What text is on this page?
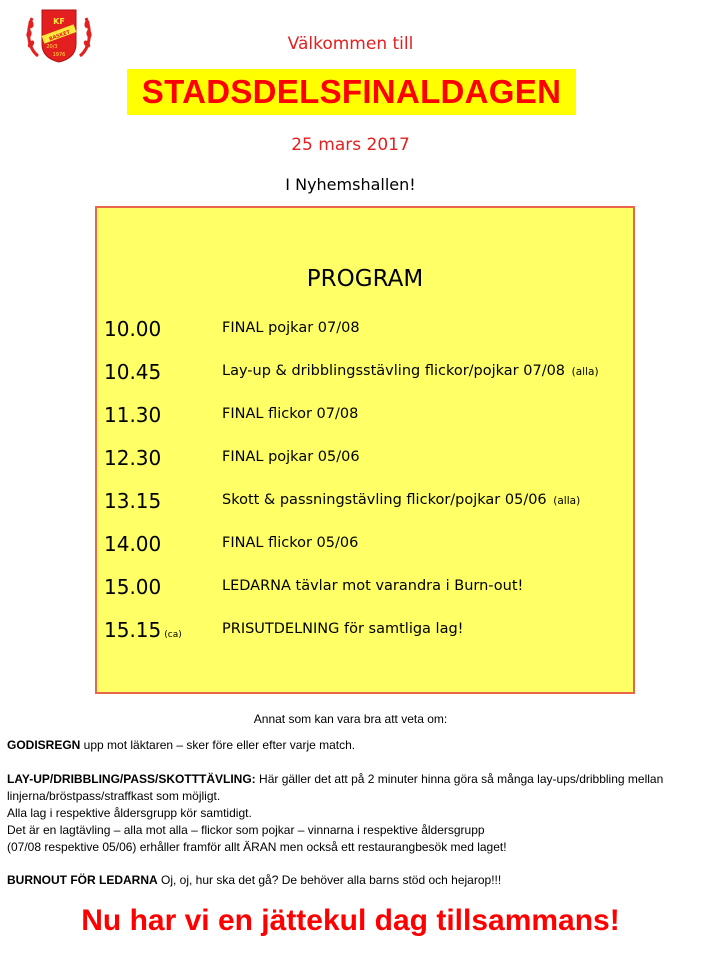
KF
BASKET
20/3
1976
Välkommen till
STADSDELSFINALDAGEN
25 mars 2017
I Nyhemshallen!
PROGRAM
10.00	FINAL pojkar 07/08
10.45	Lay-up & dribblingsstävling flickor/pojkar 07/08 (alla)
11.30	FINAL flickor 07/08
12.30	FINAL pojkar 05/06
13.15	Skott & passningstävling flickor/pojkar 05/06 (alla)
14.00	FINAL flickor 05/06
15.00	LEDARNA tävlar mot varandra i Burn-out!
15.15 (ca)	PRISUTDELNING för samtliga lag!
Annat som kan vara bra att veta om:
GODISREGN upp mot läktaren – sker före eller efter varje match.
LAY-UP/DRIBBLING/PASS/SKOTTTÄVLING: Här gäller det att på 2 minuter hinna göra så många lay-ups/dribbling mellan
linjerna/bröstpass/straffkast som möjligt.
Alla lag i respektive åldersgrupp kör samtidigt.
Det är en lagtävling – alla mot alla – flickor som pojkar – vinnarna i respektive åldersgrupp
(07/08 respektive 05/06) erhåller framför allt ÄRAN men också ett restaurangbesök med laget!
BURNOUT FÖR LEDARNA Oj, oj, hur ska det gå? De behöver alla barns stöd och hejarop!!!
Nu har vi en jättekul dag tillsammans!
